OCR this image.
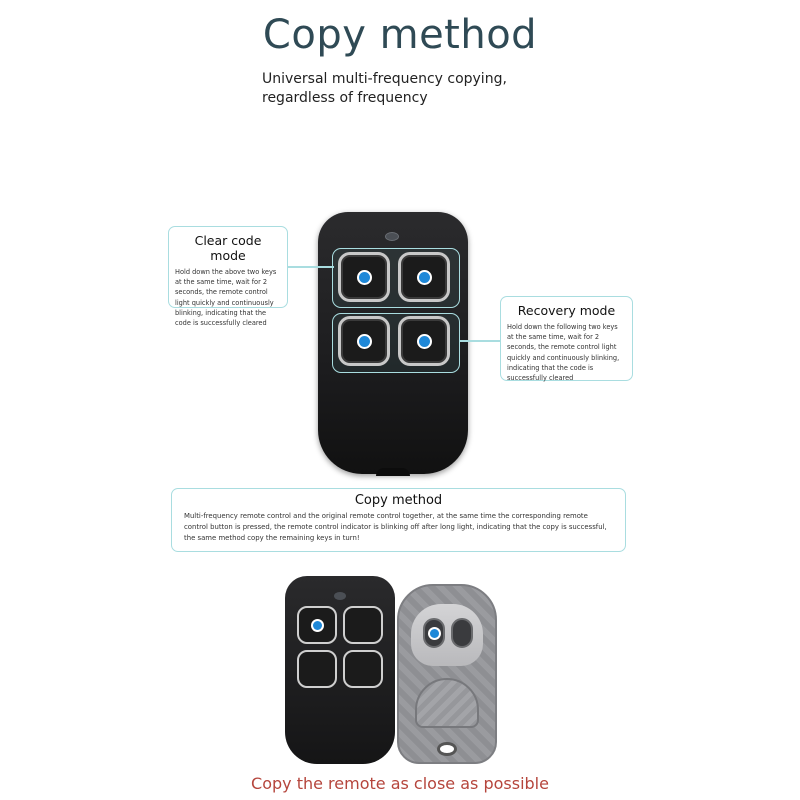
Copy method
Universal multi-frequency copying, regardless of frequency
Clear code mode
Hold down the above two keys at the same time, wait for 2 seconds, the remote control light quickly and continuously blinking, indicating that the code is successfully cleared
Recovery mode
Hold down the following two keys at the same time, wait for 2 seconds, the remote control light quickly and continuously blinking, indicating that the code is successfully cleared
Copy method
Multi-frequency remote control and the original remote control together, at the same time the corresponding remote control button is pressed, the remote control indicator is blinking off after long light, indicating that the copy is successful, the same method copy the remaining keys in turn!
Copy the remote as close as possible
